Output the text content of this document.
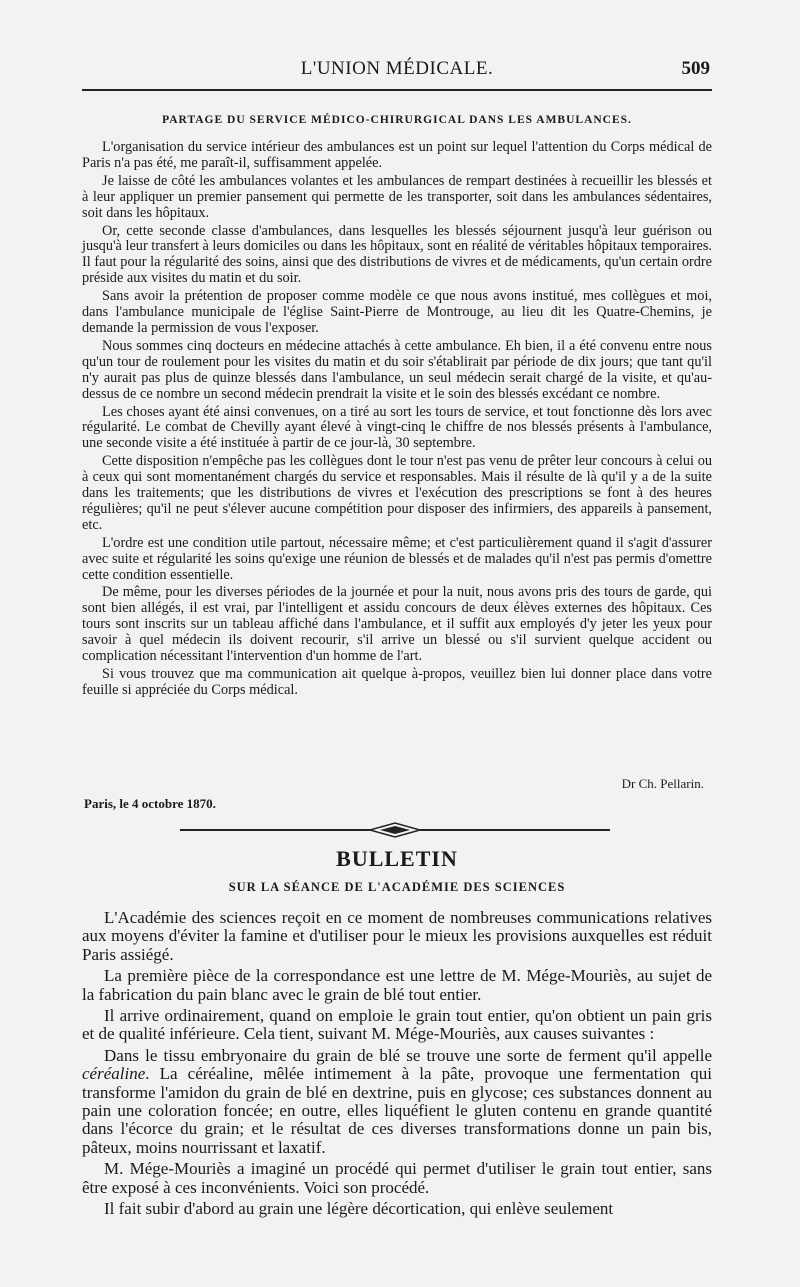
L'UNION MÉDICALE.	509
PARTAGE DU SERVICE MÉDICO-CHIRURGICAL DANS LES AMBULANCES.

L'organisation du service intérieur des ambulances est un point sur lequel l'attention du Corps médical de Paris n'a pas été, me paraît-il, suffisamment appelée.

Je laisse de côté les ambulances volantes et les ambulances de rempart destinées à recueillir les blessés et à leur appliquer un premier pansement qui permette de les transporter, soit dans les ambulances sédentaires, soit dans les hôpitaux.

Or, cette seconde classe d'ambulances, dans lesquelles les blessés séjournent jusqu'à leur guérison ou jusqu'à leur transfert à leurs domiciles ou dans les hôpitaux, sont en réalité de véritables hôpitaux temporaires. Il faut pour la régularité des soins, ainsi que des distributions de vivres et de médicaments, qu'un certain ordre préside aux visites du matin et du soir.

Sans avoir la prétention de proposer comme modèle ce que nous avons institué, mes collègues et moi, dans l'ambulance municipale de l'église Saint-Pierre de Montrouge, au lieu dit les Quatre-Chemins, je demande la permission de vous l'exposer.

Nous sommes cinq docteurs en médecine attachés à cette ambulance. Eh bien, il a été convenu entre nous qu'un tour de roulement pour les visites du matin et du soir s'établirait par période de dix jours; que tant qu'il n'y aurait pas plus de quinze blessés dans l'ambulance, un seul médecin serait chargé de la visite, et qu'au-dessus de ce nombre un second médecin prendrait la visite et le soin des blessés excédant ce nombre.

Les choses ayant été ainsi convenues, on a tiré au sort les tours de service, et tout fonctionne dès lors avec régularité. Le combat de Chevilly ayant élevé à vingt-cinq le chiffre de nos blessés présents à l'ambulance, une seconde visite a été instituée à partir de ce jour-là, 30 septembre.

Cette disposition n'empêche pas les collègues dont le tour n'est pas venu de prêter leur concours à celui ou à ceux qui sont momentanément chargés du service et responsables. Mais il résulte de là qu'il y a de la suite dans les traitements; que les distributions de vivres et l'exécution des prescriptions se font à des heures régulières; qu'il ne peut s'élever aucune compétition pour disposer des infirmiers, des appareils à pansement, etc.

L'ordre est une condition utile partout, nécessaire même; et c'est particulièrement quand il s'agit d'assurer avec suite et régularité les soins qu'exige une réunion de blessés et de malades qu'il n'est pas permis d'omettre cette condition essentielle.

De même, pour les diverses périodes de la journée et pour la nuit, nous avons pris des tours de garde, qui sont bien allégés, il est vrai, par l'intelligent et assidu concours de deux élèves externes des hôpitaux. Ces tours sont inscrits sur un tableau affiché dans l'ambulance, et il suffit aux employés d'y jeter les yeux pour savoir à quel médecin ils doivent recourir, s'il arrive un blessé ou s'il survient quelque accident ou complication nécessitant l'intervention d'un homme de l'art.

Si vous trouvez que ma communication ait quelque à-propos, veuillez bien lui donner place dans votre feuille si appréciée du Corps médical.

Dr Ch. Pellarin.
Paris, le 4 octobre 1870.
BULLETIN
SUR LA SÉANCE DE L'ACADÉMIE DES SCIENCES

L'Académie des sciences reçoit en ce moment de nombreuses communications relatives aux moyens d'éviter la famine et d'utiliser pour le mieux les provisions auxquelles est réduit Paris assiégé.

La première pièce de la correspondance est une lettre de M. Mége-Mouriès, au sujet de la fabrication du pain blanc avec le grain de blé tout entier.

Il arrive ordinairement, quand on emploie le grain tout entier, qu'on obtient un pain gris et de qualité inférieure. Cela tient, suivant M. Mége-Mouriès, aux causes suivantes :

Dans le tissu embryonaire du grain de blé se trouve une sorte de ferment qu'il appelle céréaline. La céréaline, mêlée intimement à la pâte, provoque une fermentation qui transforme l'amidon du grain de blé en dextrine, puis en glycose; ces substances donnent au pain une coloration foncée; en outre, elles liquéfient le gluten contenu en grande quantité dans l'écorce du grain; et le résultat de ces diverses transformations donne un pain bis, pâteux, moins nourrissant et laxatif.

M. Mége-Mouriès a imaginé un procédé qui permet d'utiliser le grain tout entier, sans être exposé à ces inconvénients. Voici son procédé.

Il fait subir d'abord au grain une légère décortication, qui enlève seulement
